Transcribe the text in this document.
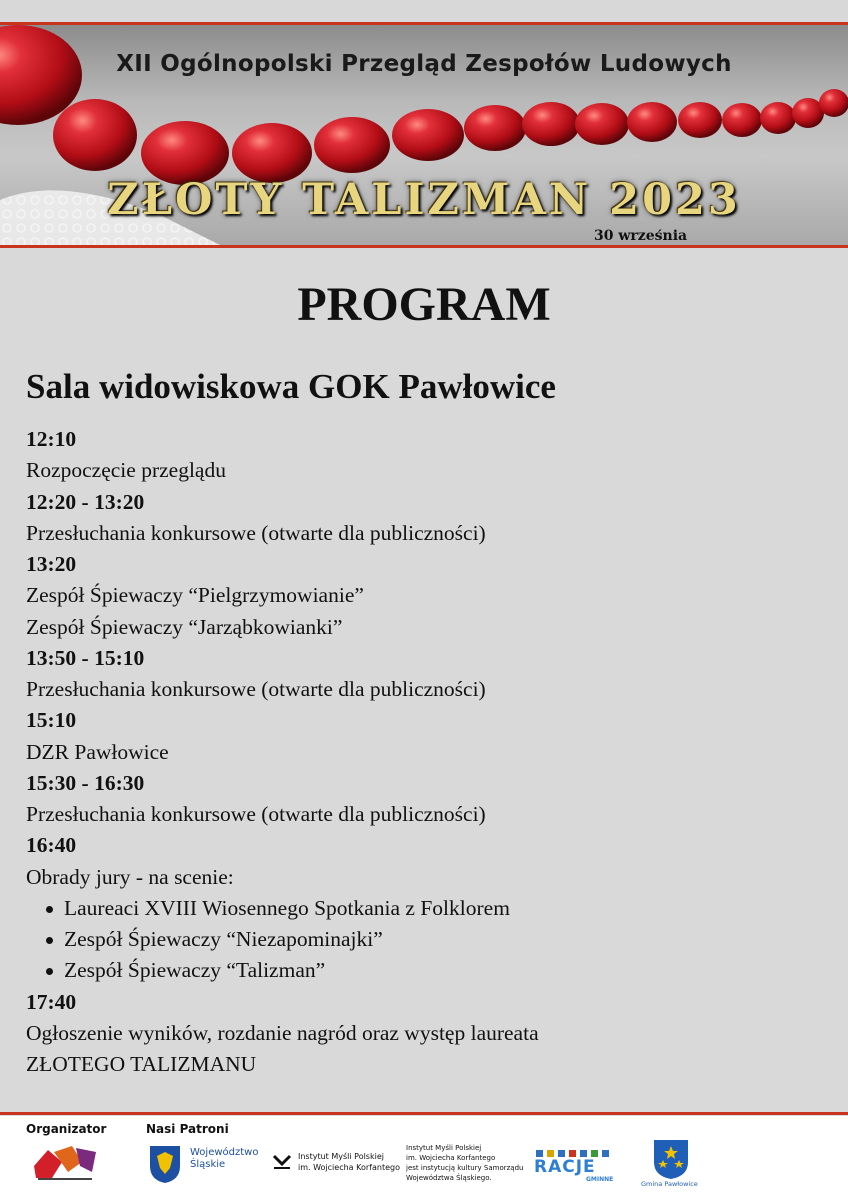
XII Ogólnopolski Przegląd Zespołów Ludowych
ZŁOTY TALIZMAN 2023
30 września
PROGRAM
Sala widowiskowa GOK Pawłowice
12:10
Rozpoczęcie przeglądu
12:20 - 13:20
Przesłuchania konkursowe (otwarte dla publiczności)
13:20
Zespół Śpiewaczy “Pielgrzymowianie”
Zespół Śpiewaczy “Jarząbkowianki”
13:50 - 15:10
Przesłuchania konkursowe (otwarte dla publiczności)
15:10
DZR Pawłowice
15:30 - 16:30
Przesłuchania konkursowe (otwarte dla publiczności)
16:40
Obrady jury - na scenie:
Laureaci XVIII Wiosennego Spotkania z Folklorem
Zespół Śpiewaczy “Niezapominajki”
Zespół Śpiewaczy “Talizman”
17:40
Ogłoszenie wyników, rozdanie nagród oraz występ laureata
ZŁOTEGO TALIZMANU
Organizator	Nasi Patroni
Województwo
Śląskie
Instytut Myśli Polskiej
im. Wojciecha Korfantego
Instytut Myśli Polskiej
im. Wojciecha Korfantego
jest instytucją kultury Samorządu
Województwa Śląskiego.
RACJE
GMINNE
Gmina Pawłowice
